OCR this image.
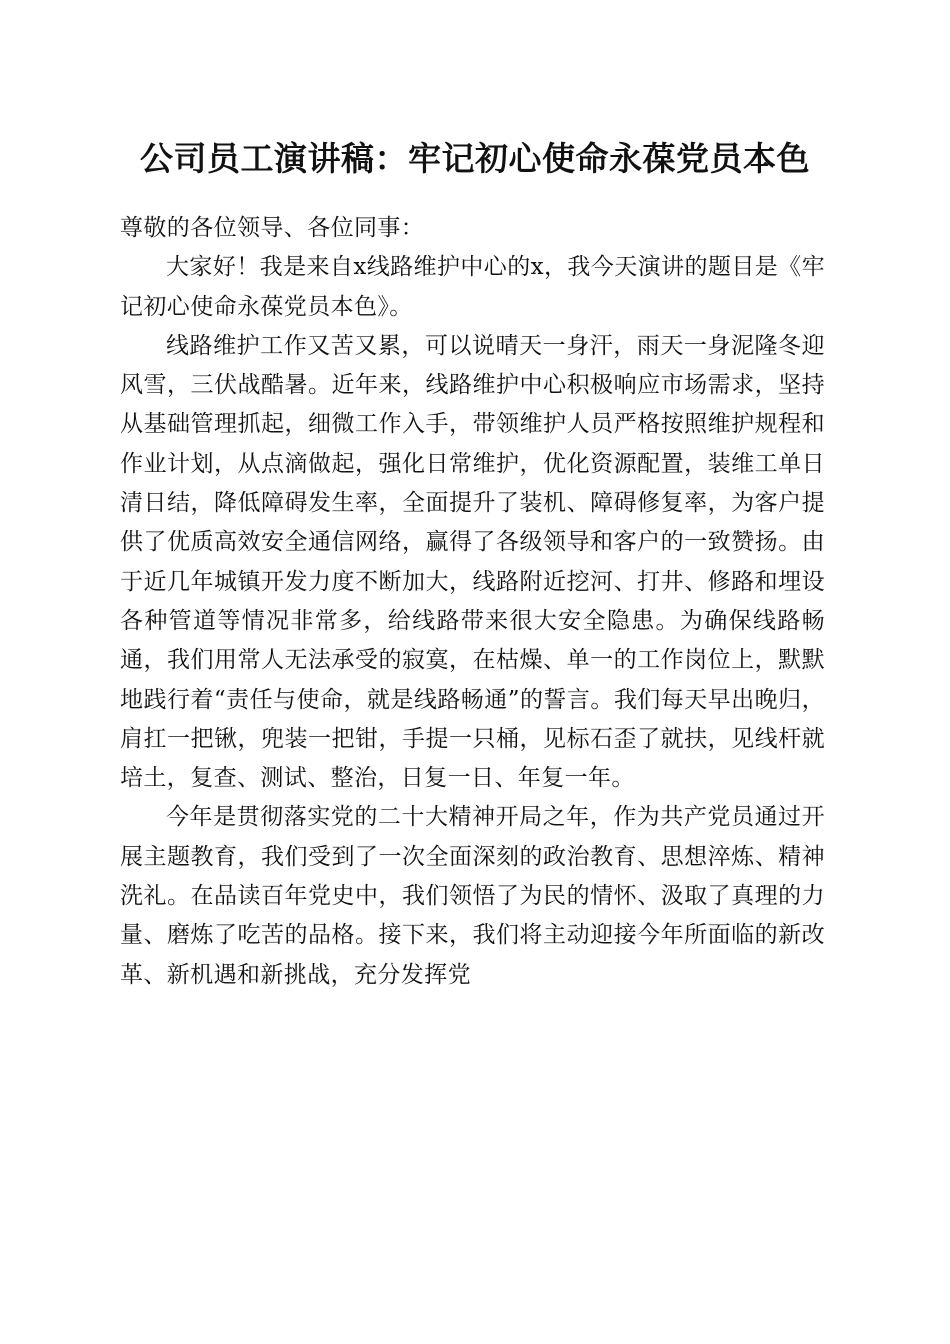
公司员工演讲稿：牢记初心使命永葆党员本色

尊敬的各位领导、各位同事：

大家好！我是来自x线路维护中心的x，我今天演讲的题目是《牢记初心使命永葆党员本色》。

线路维护工作又苦又累，可以说晴天一身汗，雨天一身泥隆冬迎风雪，三伏战酷暑。近年来，线路维护中心积极响应市场需求，坚持从基础管理抓起，细微工作入手，带领维护人员严格按照维护规程和作业计划，从点滴做起，强化日常维护，优化资源配置，装维工单日清日结，降低障碍发生率，全面提升了装机、障碍修复率，为客户提供了优质高效安全通信网络，赢得了各级领导和客户的一致赞扬。由于近几年城镇开发力度不断加大，线路附近挖河、打井、修路和埋设各种管道等情况非常多，给线路带来很大安全隐患。为确保线路畅通，我们用常人无法承受的寂寞，在枯燥、单一的工作岗位上，默默地践行着“责任与使命，就是线路畅通”的誓言。我们每天早出晚归，肩扛一把锹，兜装一把钳，手提一只桶，见标石歪了就扶，见线杆就培土，复查、测试、整治，日复一日、年复一年。

今年是贯彻落实党的二十大精神开局之年，作为共产党员通过开展主题教育，我们受到了一次全面深刻的政治教育、思想淬炼、精神洗礼。在品读百年党史中，我们领悟了为民的情怀、汲取了真理的力量、磨炼了吃苦的品格。接下来，我们将主动迎接今年所面临的新改革、新机遇和新挑战，充分发挥党
